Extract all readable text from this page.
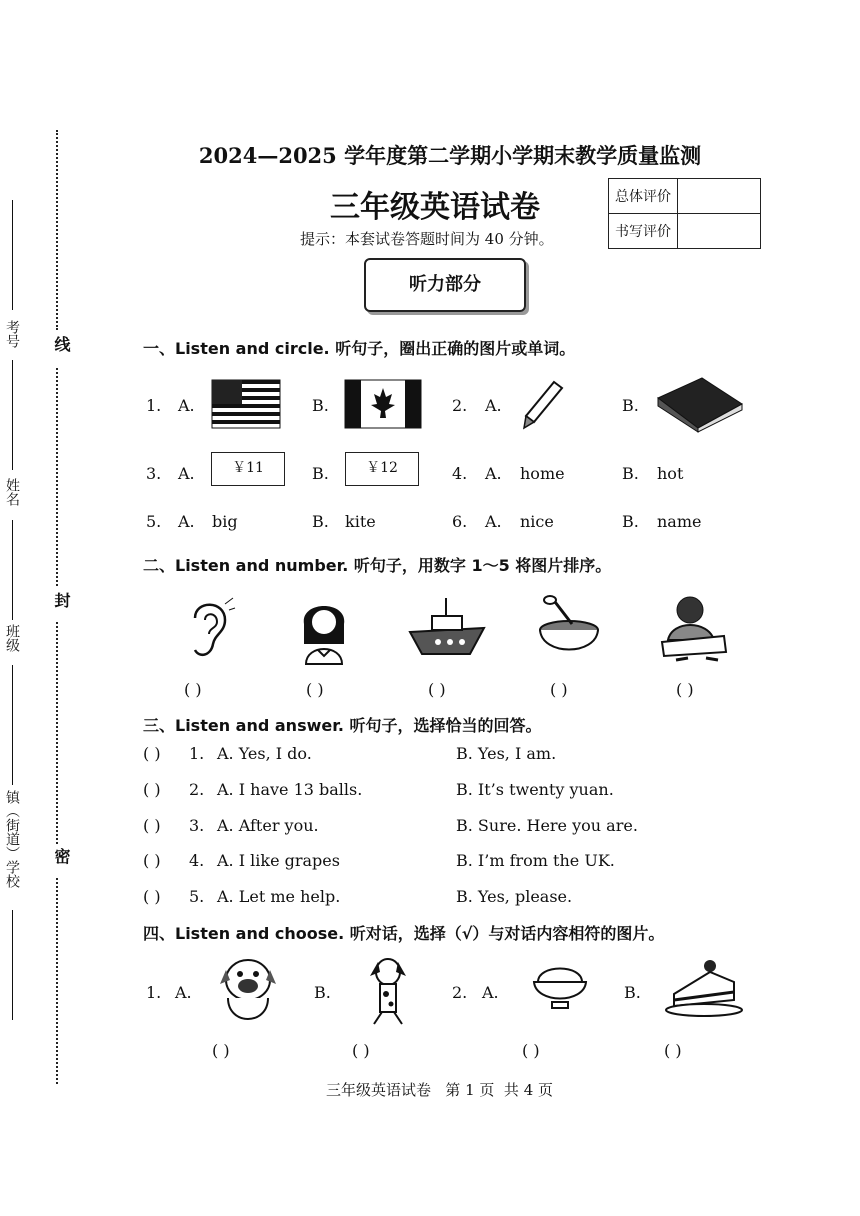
考号
姓名
班级
镇（街道）学校
线
封
密
2024—2025 学年度第二学期小学期末教学质量监测
三年级英语试卷
提示：本套试卷答题时间为 40 分钟。
总体评价	
书写评价	
听力部分
一、Listen and circle. 听句子，圈出正确的图片或单词。
1. A.	B.	2. A.	B.
3. A.	￥11	B.	￥12	4. A. home	B. hot
5. A. big	B. kite	6. A. nice	B. name
二、Listen and number. 听句子，用数字 1～5 将图片排序。
( )	( )	( )	( )	( )
三、Listen and answer. 听句子，选择恰当的回答。
( ) 1. A. Yes, I do.	B. Yes, I am.
( ) 2. A. I have 13 balls.	B. It’s twenty yuan.
( ) 3. A. After you.	B. Sure. Here you are.
( ) 4. A. I like grapes	B. I’m from the UK.
( ) 5. A. Let me help.	B. Yes, please.
四、Listen and choose. 听对话，选择（√）与对话内容相符的图片。
1. A.	B.	2. A.	B.
( )	( )	( )	( )
三年级英语试卷   第 1 页  共 4 页
